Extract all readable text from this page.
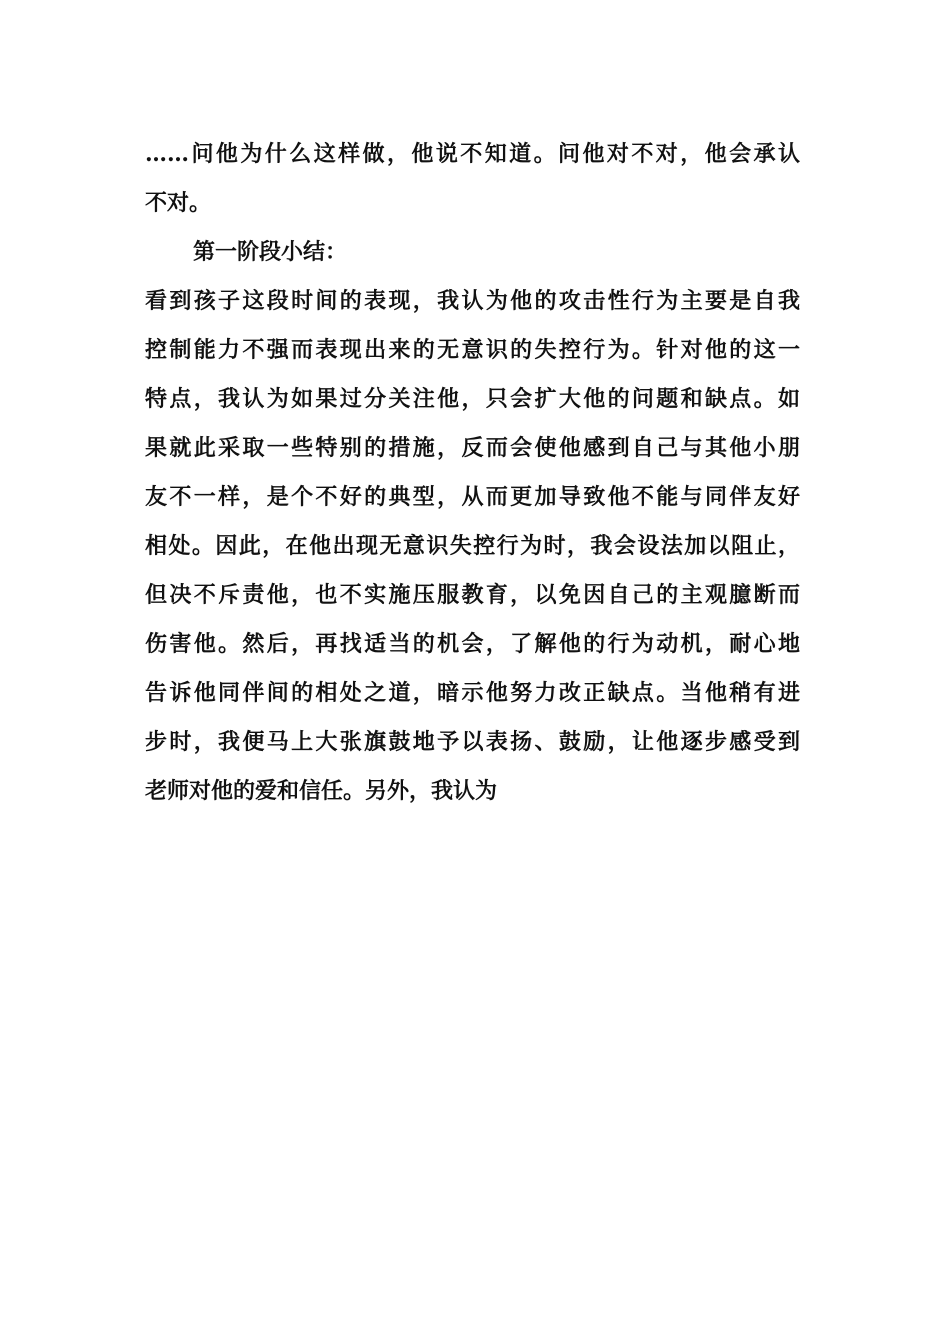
……问他为什么这样做，他说不知道。问他对不对，他会承认
不对。
第一阶段小结：
看到孩子这段时间的表现，我认为他的攻击性行为主要是自我
控制能力不强而表现出来的无意识的失控行为。针对他的这一
特点，我认为如果过分关注他，只会扩大他的问题和缺点。如
果就此采取一些特别的措施，反而会使他感到自己与其他小朋
友不一样，是个不好的典型，从而更加导致他不能与同伴友好
相处。因此，在他出现无意识失控行为时，我会设法加以阻止，
但决不斥责他，也不实施压服教育，以免因自己的主观臆断而
伤害他。然后，再找适当的机会，了解他的行为动机，耐心地
告诉他同伴间的相处之道，暗示他努力改正缺点。当他稍有进
步时，我便马上大张旗鼓地予以表扬、鼓励，让他逐步感受到
老师对他的爱和信任。另外，我认为
